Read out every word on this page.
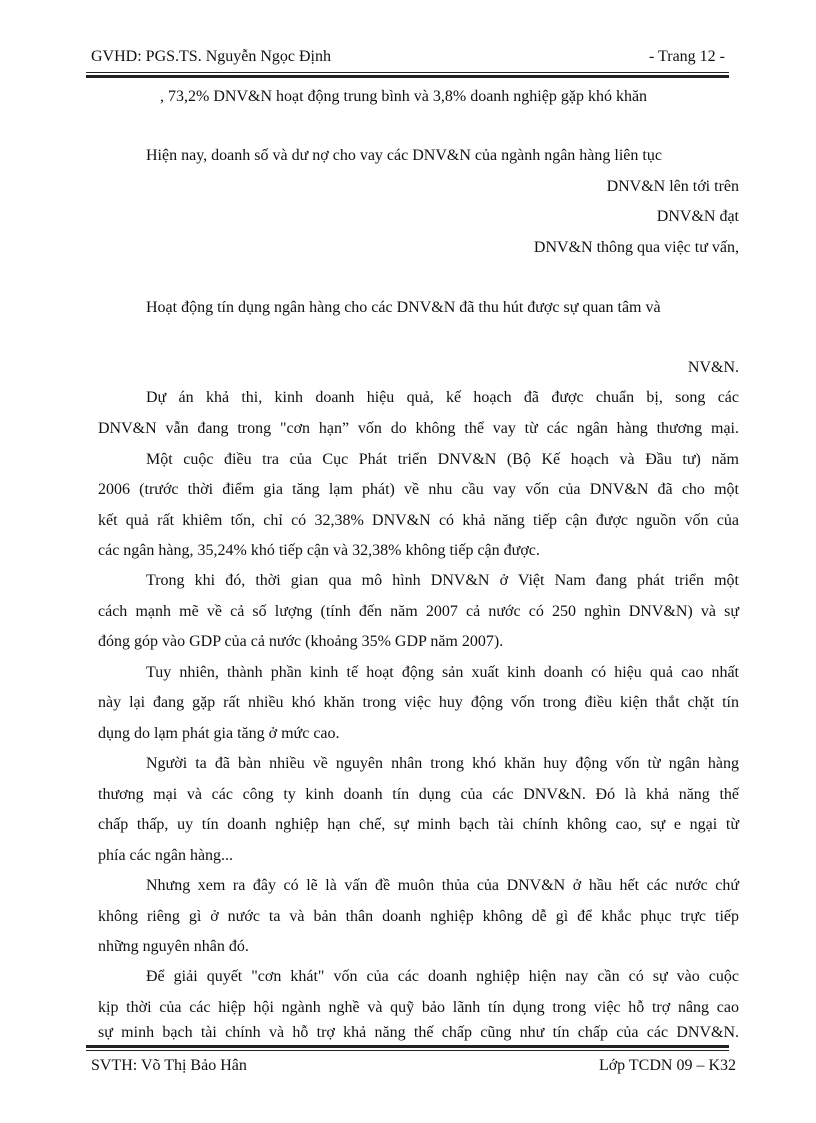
GVHD: PGS.TS. Nguyễn Ngọc Định	- Trang 12 -
, 73,2% DNV&N hoạt động trung bình và 3,8% doanh nghiệp gặp khó khăn
Hiện nay, doanh số và dư nợ cho vay các DNV&N của ngành ngân hàng liên tục
DNV&N lên tới trên
DNV&N đạt
DNV&N thông qua việc tư vấn,
Hoạt động tín dụng ngân hàng cho các DNV&N đã thu hút được sự quan tâm và
NV&N.
Dự án khả thi, kinh doanh hiệu quả, kế hoạch đã được chuẩn bị, song các
DNV&N vẫn đang trong "cơn hạn” vốn do không thể vay từ các ngân hàng thương mại.
Một cuộc điều tra của Cục Phát triển DNV&N (Bộ Kế hoạch và Đầu tư) năm
2006 (trước thời điểm gia tăng lạm phát) về nhu cầu vay vốn của DNV&N đã cho một
kết quả rất khiêm tốn, chỉ có 32,38% DNV&N có khả năng tiếp cận được nguồn vốn của
các ngân hàng, 35,24% khó tiếp cận và 32,38% không tiếp cận được.
Trong khi đó, thời gian qua mô hình DNV&N ở Việt Nam đang phát triển một
cách mạnh mẽ về cả số lượng (tính đến năm 2007 cả nước có 250 nghìn DNV&N) và sự
đóng góp vào GDP của cả nước (khoảng 35% GDP năm 2007).
Tuy nhiên, thành phần kinh tế hoạt động sản xuất kinh doanh có hiệu quả cao nhất
này lại đang gặp rất nhiều khó khăn trong việc huy động vốn trong điều kiện thắt chặt tín
dụng do lạm phát gia tăng ở mức cao.
Người ta đã bàn nhiều về nguyên nhân trong khó khăn huy động vốn từ ngân hàng
thương mại và các công ty kinh doanh tín dụng của các DNV&N. Đó là khả năng thế
chấp thấp, uy tín doanh nghiệp hạn chế, sự minh bạch tài chính không cao, sự e ngại từ
phía các ngân hàng...
Nhưng xem ra đây có lẽ là vấn đề muôn thủa của DNV&N ở hầu hết các nước chứ
không riêng gì ở nước ta và bản thân doanh nghiệp không dễ gì để khắc phục trực tiếp
những nguyên nhân đó.
Để giải quyết "cơn khát" vốn của các doanh nghiệp hiện nay cần có sự vào cuộc
kịp thời của các hiệp hội ngành nghề và quỹ bảo lãnh tín dụng trong việc hỗ trợ nâng cao
sự minh bạch tài chính và hỗ trợ khả năng thế chấp cũng như tín chấp của các DNV&N.
SVTH: Võ Thị Bảo Hân	Lớp TCDN 09 – K32
